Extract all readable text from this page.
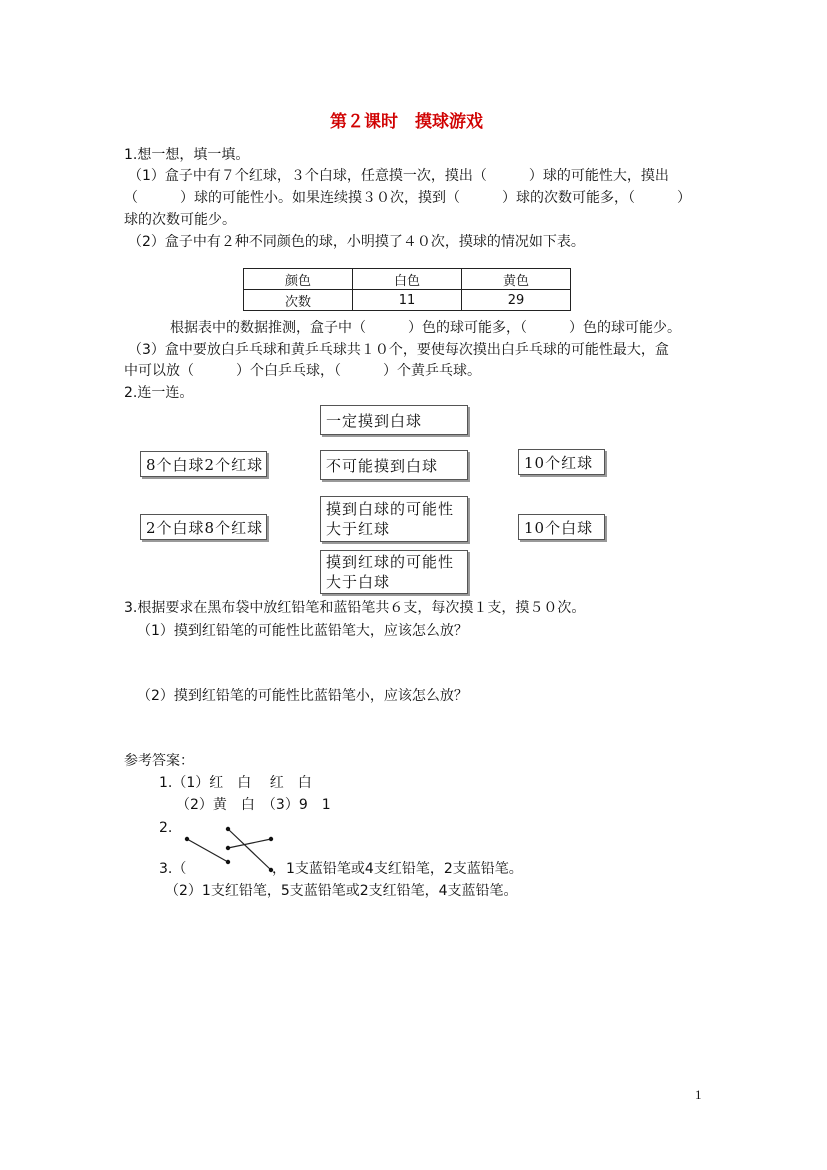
第２课时　摸球游戏
1.想一想，填一填。
（1）盒子中有７个红球，３个白球，任意摸一次，摸出（　　　）球的可能性大，摸出
（　　　）球的可能性小。如果连续摸３０次，摸到（　　　）球的次数可能多，（　　　）
球的次数可能少。
（2）盒子中有２种不同颜色的球，小明摸了４０次，摸球的情况如下表。
颜色	白色	黄色
次数	11	29
根据表中的数据推测，盒子中（　　　）色的球可能多，（　　　）色的球可能少。
（3）盒中要放白乒乓球和黄乒乓球共１０个，要使每次摸出白乒乓球的可能性最大，盒
中可以放（　　　）个白乒乓球，（　　　）个黄乒乓球。
2.连一连。
一定摸到白球
8个白球2个红球	不可能摸到白球	10个红球
摸到白球的可能性
大于红球
2个白球8个红球	10个白球
摸到红球的可能性
大于白球
3.根据要求在黑布袋中放红铅笔和蓝铅笔共６支，每次摸１支，摸５０次。
（1）摸到红铅笔的可能性比蓝铅笔大，应该怎么放？
（2）摸到红铅笔的可能性比蓝铅笔小，应该怎么放？
参考答案：
1.（1）红　白　 红　白
（2）黄　白　（3）9　1
2.
3.（	，1支蓝铅笔或4支红铅笔，2支蓝铅笔。
（2）1支红铅笔，5支蓝铅笔或2支红铅笔，4支蓝铅笔。
1
